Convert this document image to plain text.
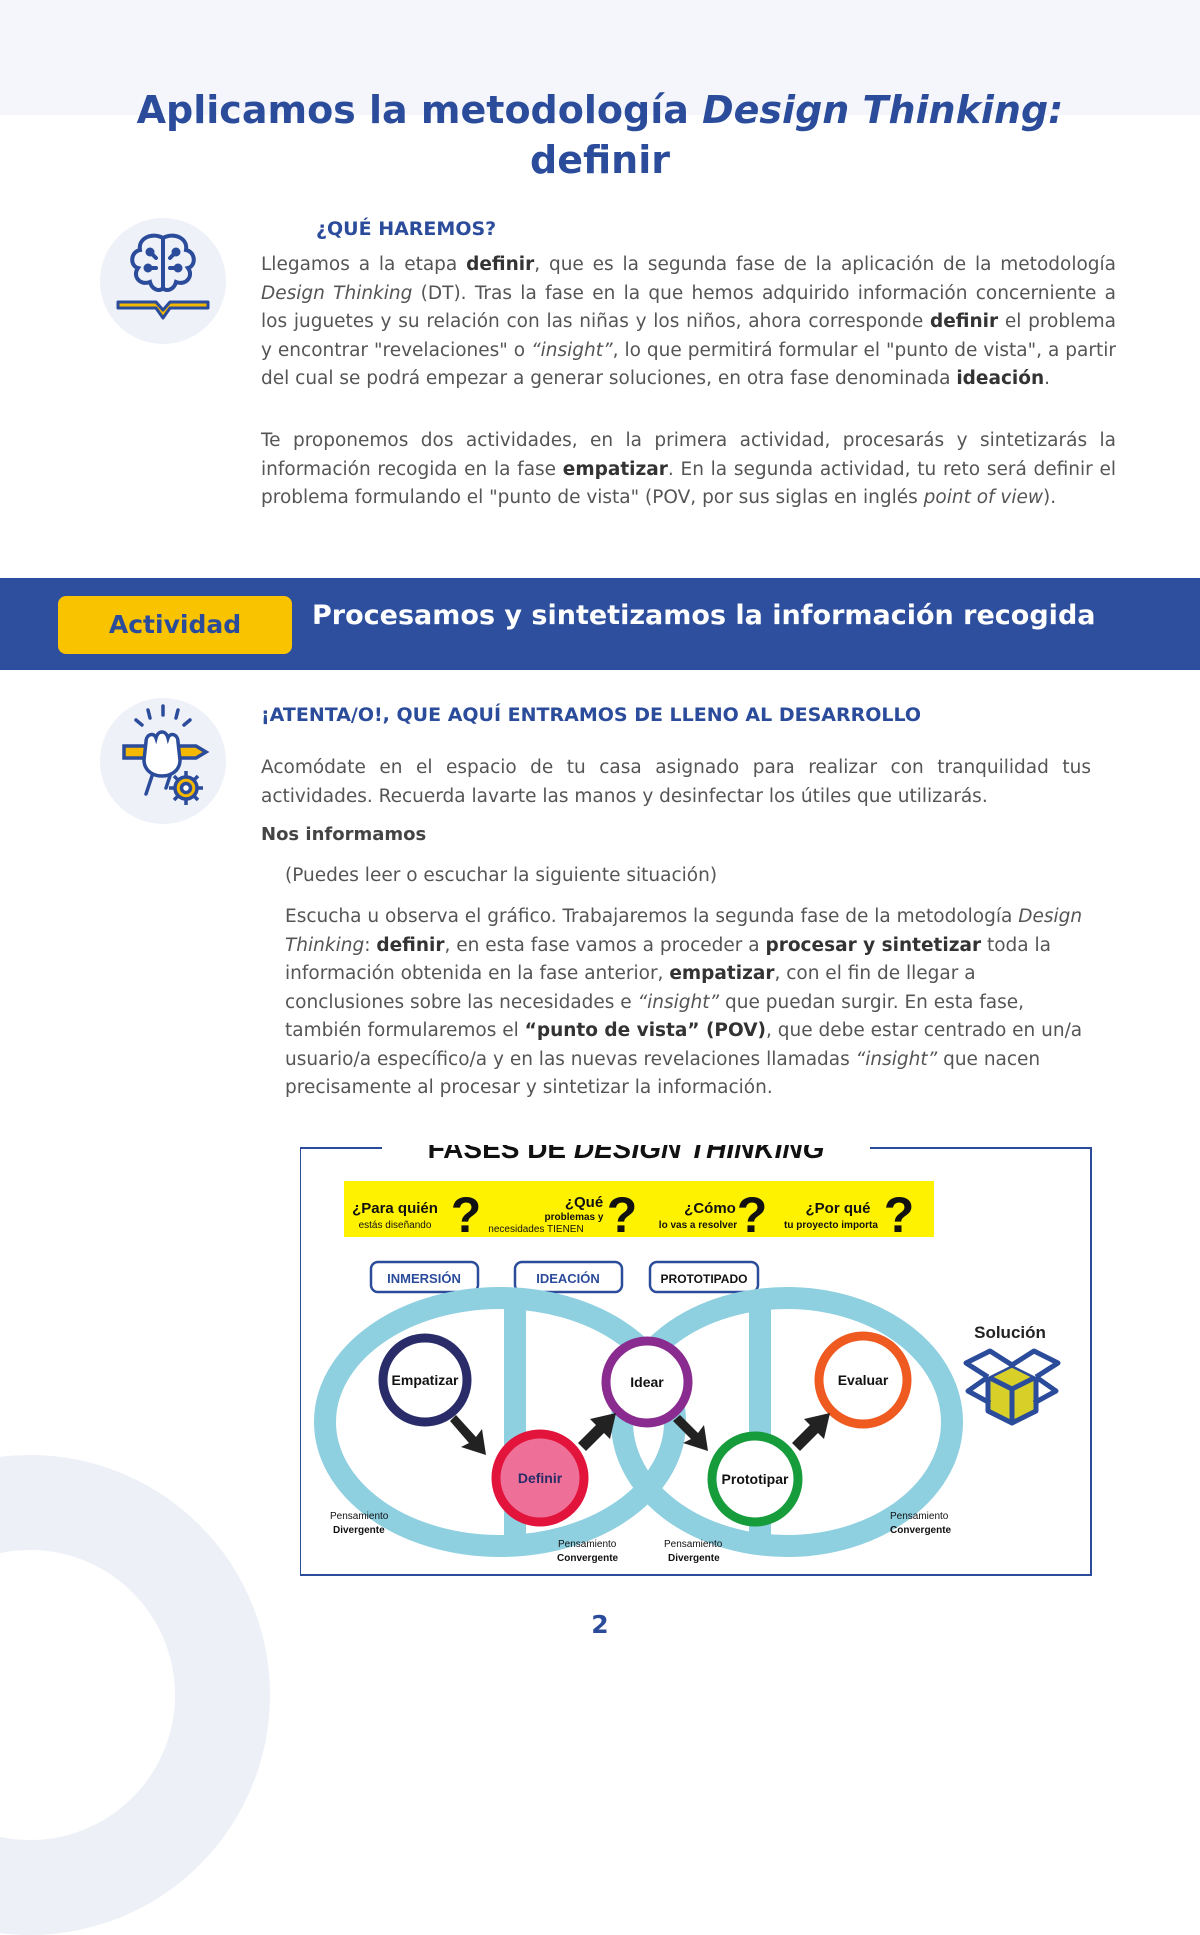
Aplicamos la metodología Design Thinking:
definir
¿QUÉ HAREMOS?

Llegamos a la etapa definir, que es la segunda fase de la aplicación de la metodología Design Thinking (DT). Tras la fase en la que hemos adquirido información concerniente a los juguetes y su relación con las niñas y los niños, ahora corresponde definir el problema y encontrar "revelaciones" o “insight”, lo que permitirá formular el "punto de vista", a partir del cual se podrá empezar a generar soluciones, en otra fase denominada ideación.

Te proponemos dos actividades, en la primera actividad, procesarás y sintetizarás la información recogida en la fase empatizar. En la segunda actividad, tu reto será definir el problema formulando el "punto de vista" (POV, por sus siglas en inglés point of view).

Actividad	Procesamos y sintetizamos la información recogida
¡ATENTA/O!, QUE AQUÍ ENTRAMOS DE LLENO AL DESARROLLO

Acomódate en el espacio de tu casa asignado para realizar con tranquilidad tus actividades. Recuerda lavarte las manos y desinfectar los útiles que utilizarás.

Nos informamos

(Puedes leer o escuchar la siguiente situación)

Escucha u observa el gráfico. Trabajaremos la segunda fase de la metodología Design Thinking: definir, en esta fase vamos a proceder a procesar y sintetizar toda la información obtenida en la fase anterior, empatizar, con el fin de llegar a conclusiones sobre las necesidades e “insight” que puedan surgir. En esta fase, también formularemos el “punto de vista” (POV), que debe estar centrado en un/a usuario/a específico/a y en las nuevas revelaciones llamadas “insight” que nacen precisamente al procesar y sintetizar la información.

FASES DE DESIGN THINKING
¿Para quién
estás diseñando ?	¿Qué
problemas y
necesidades TIENEN ?	¿Cómo
lo vas a resolver ?	¿Por qué
tu proyecto importa ?
INMERSIÓN	IDEACIÓN	PROTOTIPADO
Empatizar
Definir
Idear
Prototipar
Evaluar
Solución
Pensamiento
Divergente
Pensamiento
Convergente
Pensamiento
Divergente
Pensamiento
Convergente
2
